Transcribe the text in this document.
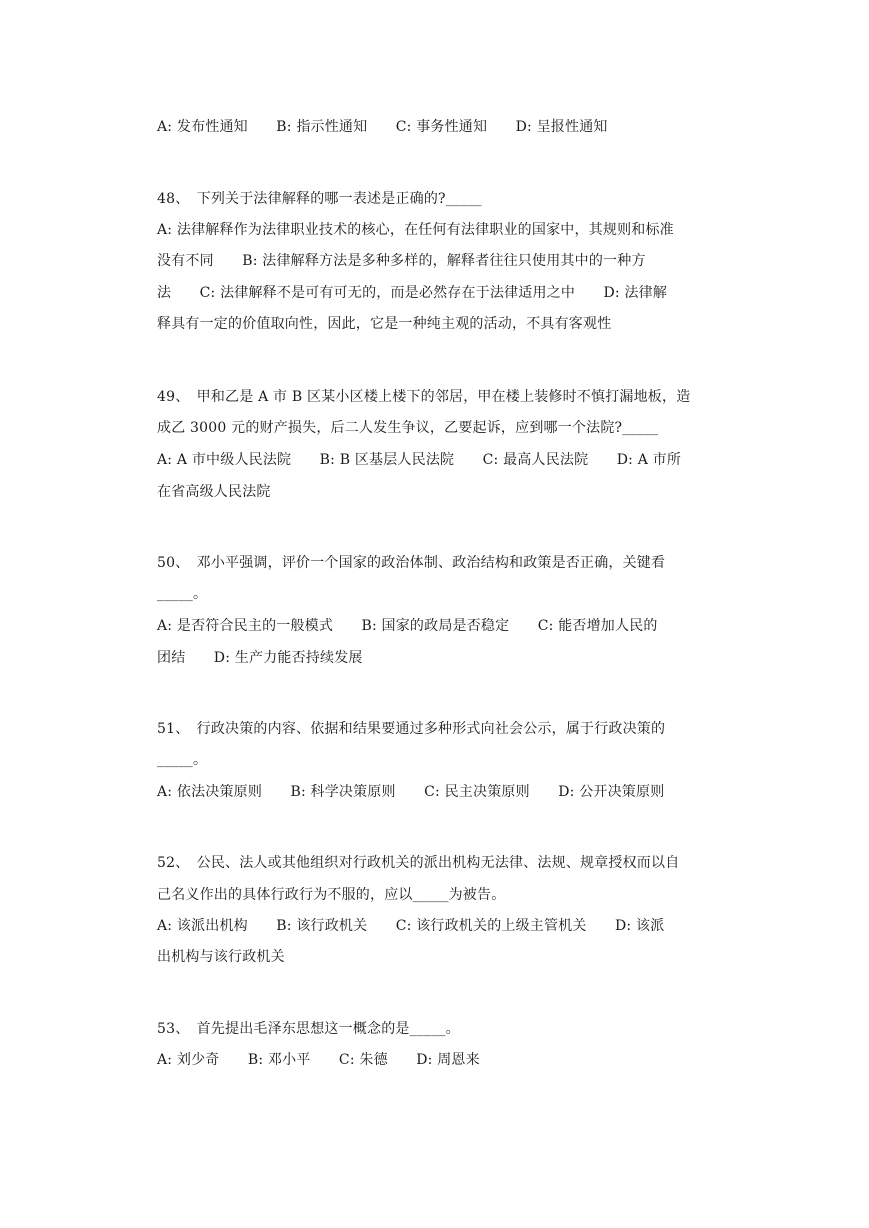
A: 发布性通知　　B: 指示性通知　　C: 事务性通知　　D: 呈报性通知
48、　下列关于法律解释的哪一表述是正确的?_____
A: 法律解释作为法律职业技术的核心，在任何有法律职业的国家中，其规则和标准
没有不同　　B: 法律解释方法是多种多样的，解释者往往只使用其中的一种方
法　　C: 法律解释不是可有可无的，而是必然存在于法律适用之中　　D: 法律解
释具有一定的价值取向性，因此，它是一种纯主观的活动，不具有客观性
49、　甲和乙是 A 市 B 区某小区楼上楼下的邻居，甲在楼上装修时不慎打漏地板，造
成乙 3000 元的财产损失，后二人发生争议，乙要起诉，应到哪一个法院?_____
A: A 市中级人民法院　　B: B 区基层人民法院　　C: 最高人民法院　　D: A 市所
在省高级人民法院
50、　邓小平强调，评价一个国家的政治体制、政治结构和政策是否正确，关键看
_____。
A: 是否符合民主的一般模式　　B: 国家的政局是否稳定　　C: 能否增加人民的
团结　　D: 生产力能否持续发展
51、　行政决策的内容、依据和结果要通过多种形式向社会公示，属于行政决策的
_____。
A: 依法决策原则　　B: 科学决策原则　　C: 民主决策原则　　D: 公开决策原则
52、　公民、法人或其他组织对行政机关的派出机构无法律、法规、规章授权而以自
己名义作出的具体行政行为不服的，应以_____为被告。
A: 该派出机构　　B: 该行政机关　　C: 该行政机关的上级主管机关　　D: 该派
出机构与该行政机关
53、　首先提出毛泽东思想这一概念的是_____。
A: 刘少奇　　B: 邓小平　　C: 朱德　　D: 周恩来
